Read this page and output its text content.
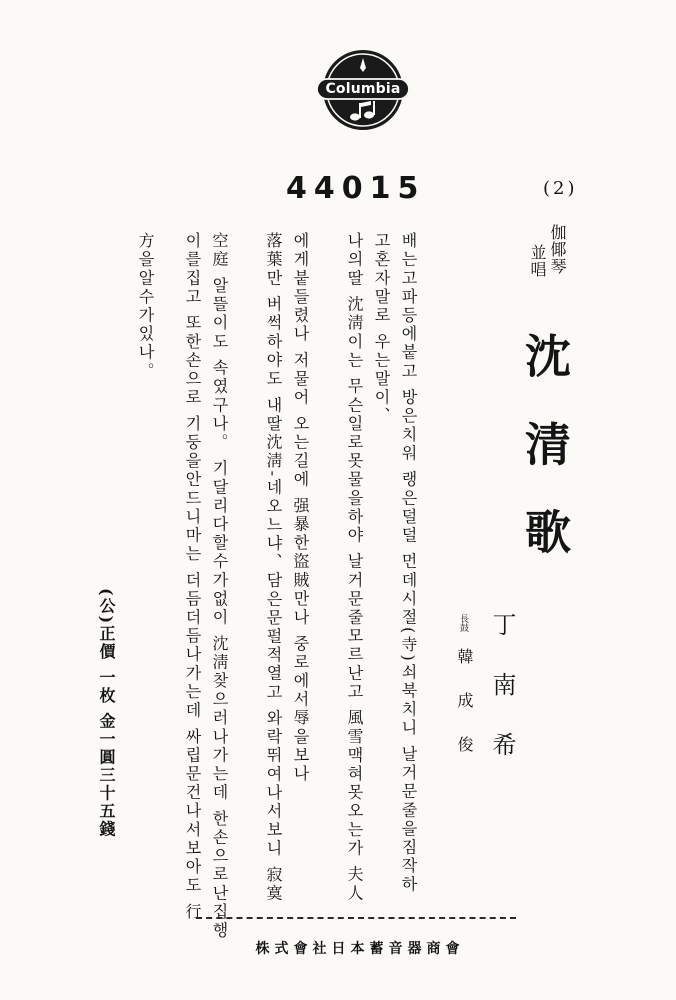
Columbia
44015	(2)
伽倻琴
並唱
沈清歌
丁南希
長鼓
韓成俊
배는고파등에붙고 방은치워 랭은덜덜 먼데시절(寺)쇠북치니 날거문줄을짐작하
고혼자말로 우는말이、
나의딸 沈淸이는 무슨일로못물을하야 날거문줄모르난고 風雪맥혀못오는가 夫人
에게붙들렸나 저물어 오는길에 强暴한盜賊만나 중로에서辱을보나
落葉만 버썩하야도 내딸沈淸-네오느냐、담은문펄적열고 와락뛰여나서보니 寂寞
空庭 알뜰이도 속였구나。 기달리다할수가없이 沈淸찾으러나가는데 한손으로난집행
이를집고 또한손으로 기둥을안드니마는 더듬더듬나가는데 싸립문건나서보아도 行
方을알수가있나。
(公)正價 一枚 金一圓三十五錢
株式會社日本蓄音器商會
